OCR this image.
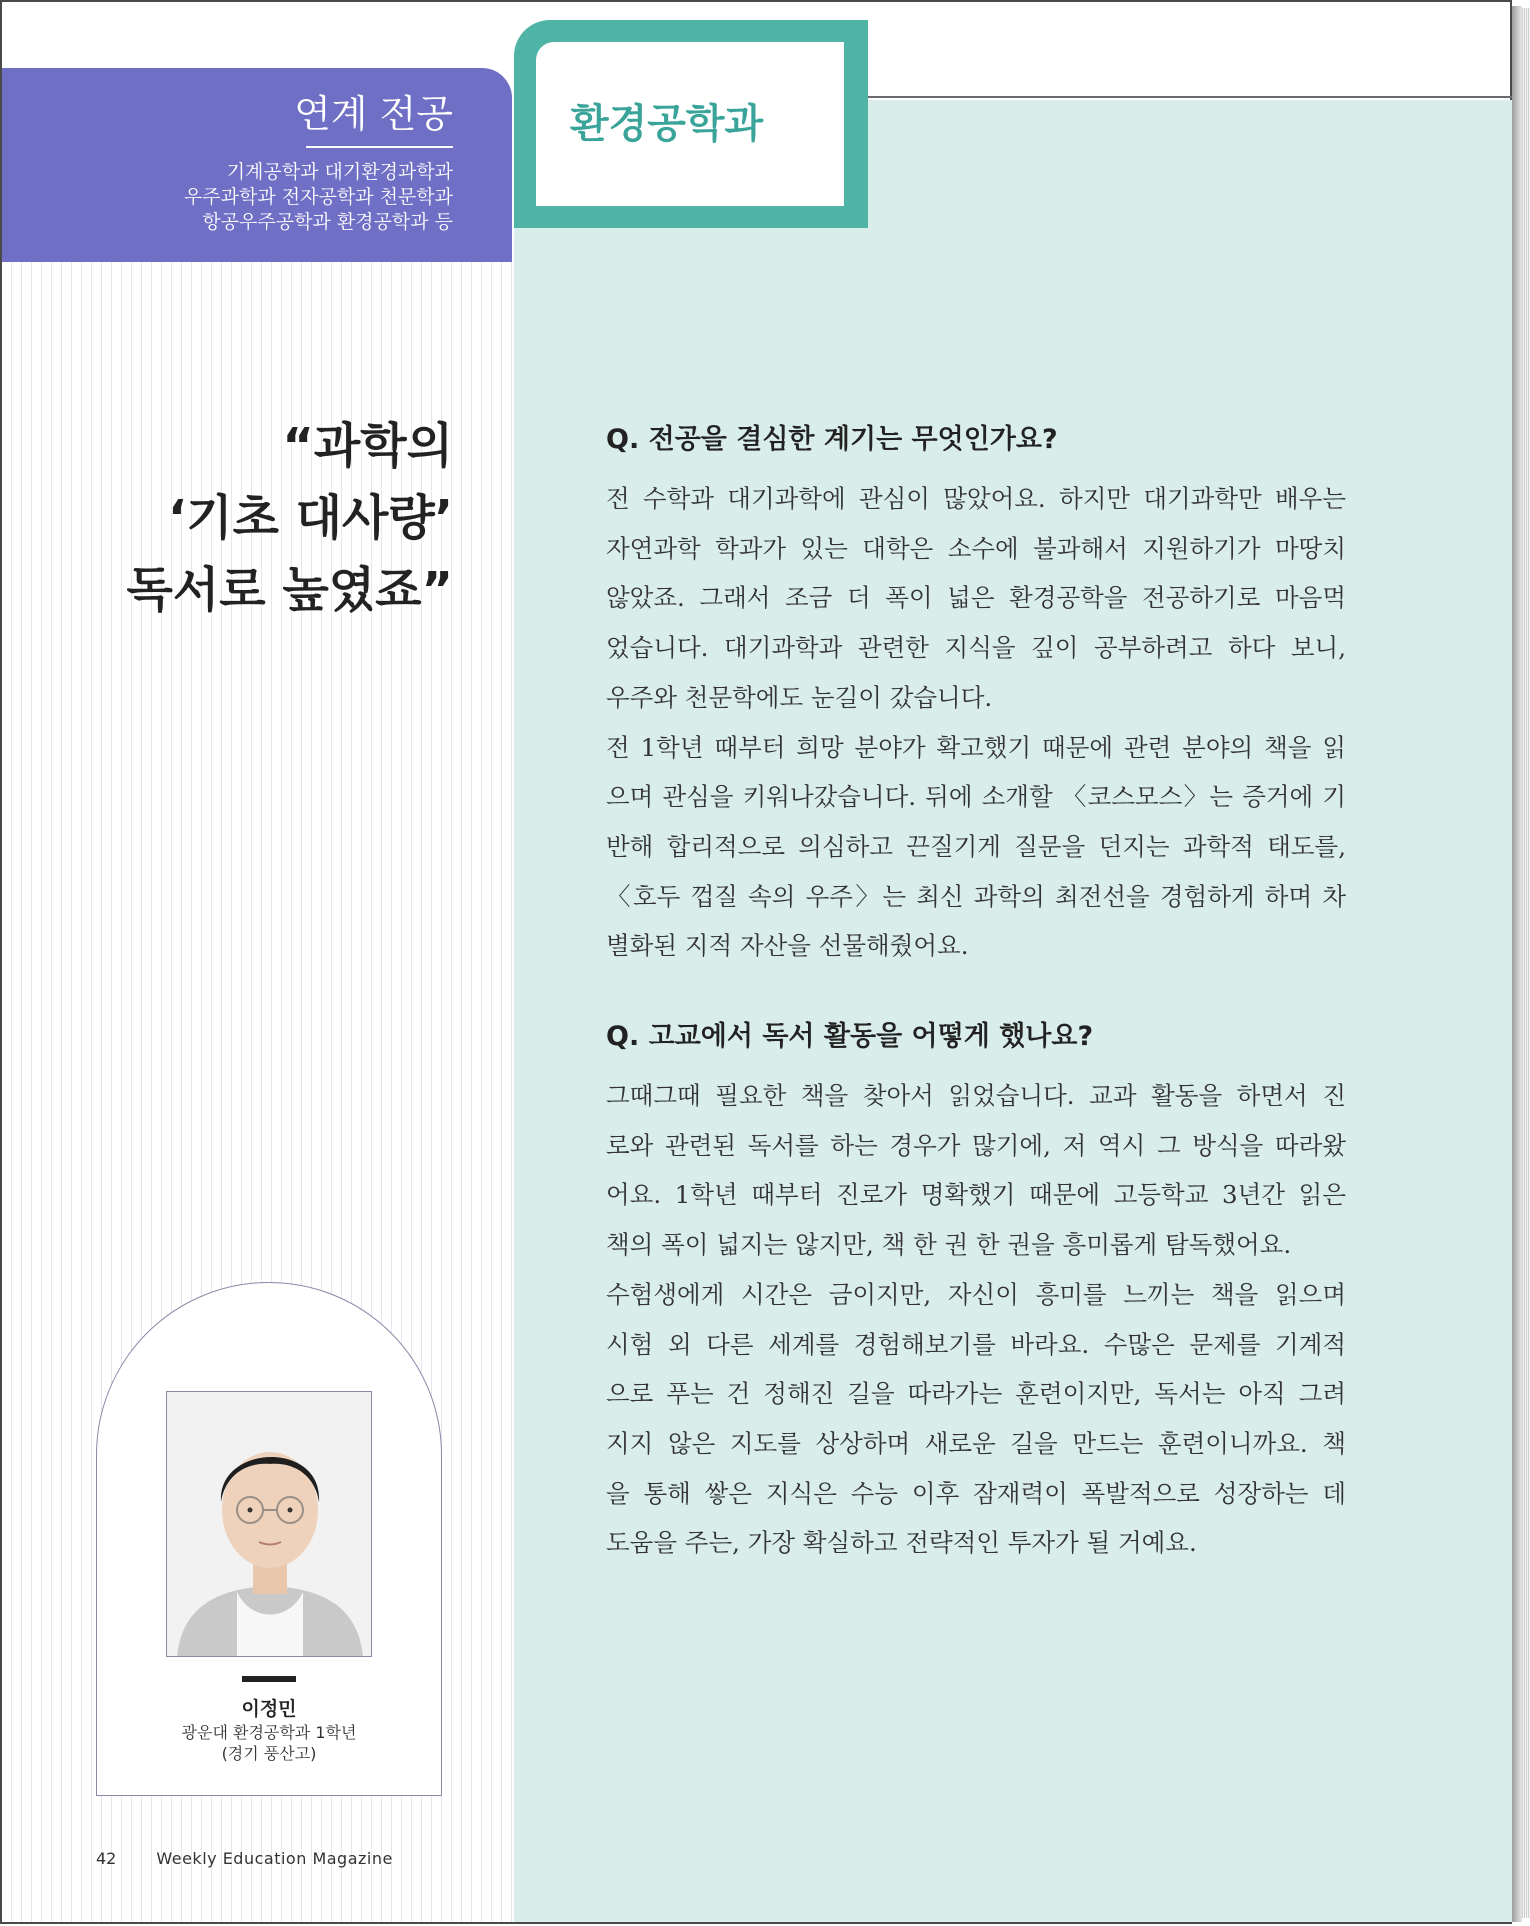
환경공학과
연계 전공
기계공학과 대기환경과학과
우주과학과 전자공학과 천문학과
항공우주공학과 환경공학과 등
“과학의
‘기초 대사량’
독서로 높였죠”
이정민
광운대 환경공학과 1학년
(경기 풍산고)
42	Weekly Education Magazine
Q. 전공을 결심한 계기는 무엇인가요?

전 수학과 대기과학에 관심이 많았어요. 하지만 대기과학만 배우는
자연과학 학과가 있는 대학은 소수에 불과해서 지원하기가 마땅치
않았죠. 그래서 조금 더 폭이 넓은 환경공학을 전공하기로 마음먹
었습니다. 대기과학과 관련한 지식을 깊이 공부하려고 하다 보니,
우주와 천문학에도 눈길이 갔습니다.

전 1학년 때부터 희망 분야가 확고했기 때문에 관련 분야의 책을 읽
으며 관심을 키워나갔습니다. 뒤에 소개할 〈코스모스〉는 증거에 기
반해 합리적으로 의심하고 끈질기게 질문을 던지는 과학적 태도를,
〈호두 껍질 속의 우주〉는 최신 과학의 최전선을 경험하게 하며 차
별화된 지적 자산을 선물해줬어요.

Q. 고교에서 독서 활동을 어떻게 했나요?

그때그때 필요한 책을 찾아서 읽었습니다. 교과 활동을 하면서 진
로와 관련된 독서를 하는 경우가 많기에, 저 역시 그 방식을 따라왔
어요. 1학년 때부터 진로가 명확했기 때문에 고등학교 3년간 읽은
책의 폭이 넓지는 않지만, 책 한 권 한 권을 흥미롭게 탐독했어요.

수험생에게 시간은 금이지만, 자신이 흥미를 느끼는 책을 읽으며
시험 외 다른 세계를 경험해보기를 바라요. 수많은 문제를 기계적
으로 푸는 건 정해진 길을 따라가는 훈련이지만, 독서는 아직 그려
지지 않은 지도를 상상하며 새로운 길을 만드는 훈련이니까요. 책
을 통해 쌓은 지식은 수능 이후 잠재력이 폭발적으로 성장하는 데
도움을 주는, 가장 확실하고 전략적인 투자가 될 거예요.
